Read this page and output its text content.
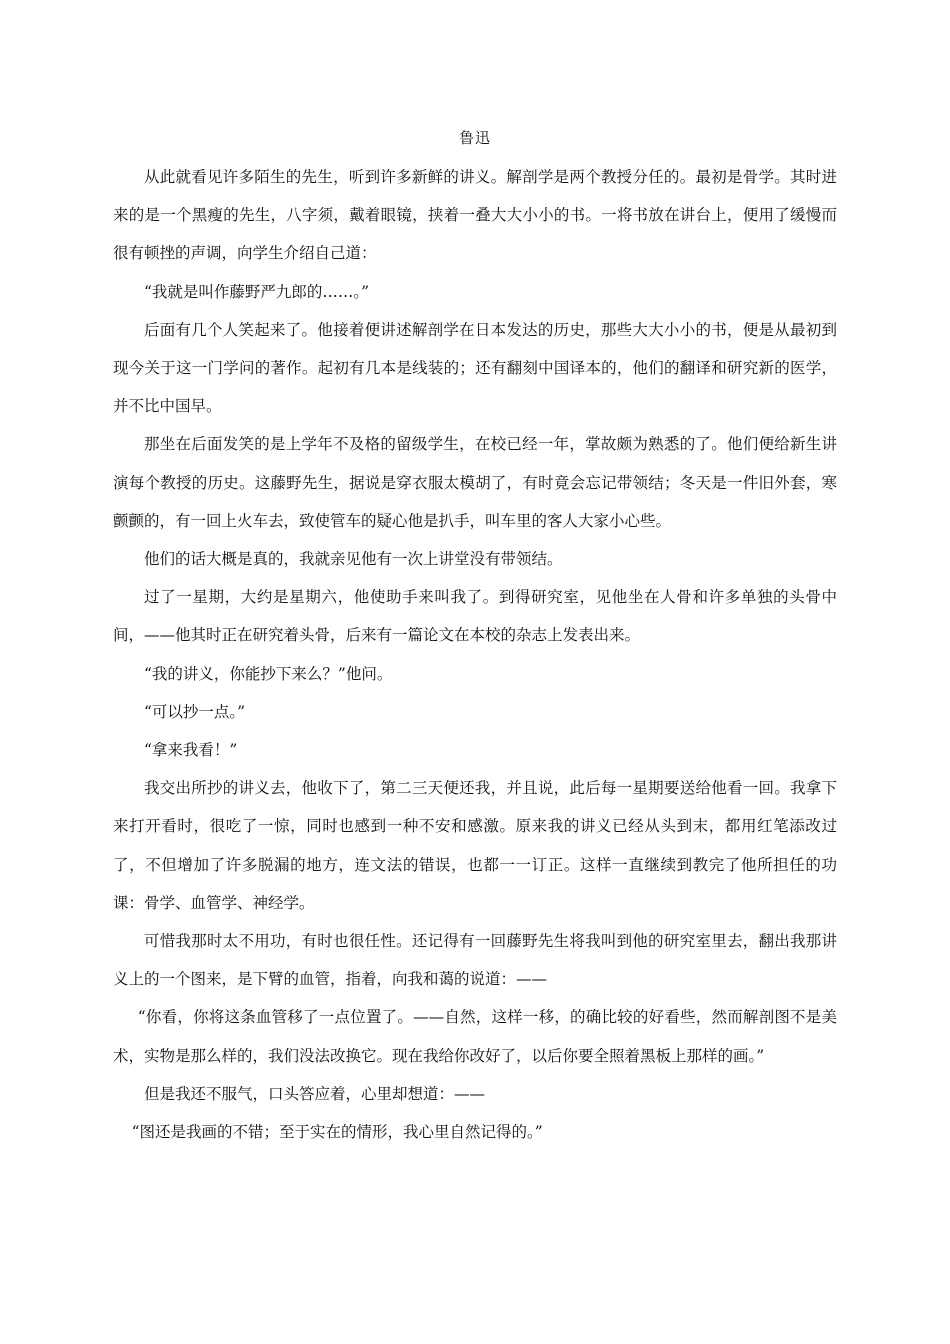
鲁迅

从此就看见许多陌生的先生，听到许多新鲜的讲义。解剖学是两个教授分任的。最初是骨学。其时进来的是一个黑瘦的先生，八字须，戴着眼镜，挟着一叠大大小小的书。一将书放在讲台上，便用了缓慢而很有顿挫的声调，向学生介绍自己道：

“我就是叫作藤野严九郎的……。”

后面有几个人笑起来了。他接着便讲述解剖学在日本发达的历史，那些大大小小的书，便是从最初到现今关于这一门学问的著作。起初有几本是线装的；还有翻刻中国译本的，他们的翻译和研究新的医学，并不比中国早。

那坐在后面发笑的是上学年不及格的留级学生，在校已经一年，掌故颇为熟悉的了。他们便给新生讲演每个教授的历史。这藤野先生，据说是穿衣服太模胡了，有时竟会忘记带领结；冬天是一件旧外套，寒颤颤的，有一回上火车去，致使管车的疑心他是扒手，叫车里的客人大家小心些。

他们的话大概是真的，我就亲见他有一次上讲堂没有带领结。

过了一星期，大约是星期六，他使助手来叫我了。到得研究室，见他坐在人骨和许多单独的头骨中间，——他其时正在研究着头骨，后来有一篇论文在本校的杂志上发表出来。

“我的讲义，你能抄下来么？”他问。

“可以抄一点。”

“拿来我看！”

我交出所抄的讲义去，他收下了，第二三天便还我，并且说，此后每一星期要送给他看一回。我拿下来打开看时，很吃了一惊，同时也感到一种不安和感激。原来我的讲义已经从头到末，都用红笔添改过了，不但增加了许多脱漏的地方，连文法的错误，也都一一订正。这样一直继续到教完了他所担任的功课：骨学、血管学、神经学。

可惜我那时太不用功，有时也很任性。还记得有一回藤野先生将我叫到他的研究室里去，翻出我那讲义上的一个图来，是下臂的血管，指着，向我和蔼的说道：——

“你看，你将这条血管移了一点位置了。——自然，这样一移，的确比较的好看些，然而解剖图不是美术，实物是那么样的，我们没法改换它。现在我给你改好了，以后你要全照着黑板上那样的画。”

但是我还不服气，口头答应着，心里却想道：——

“图还是我画的不错；至于实在的情形，我心里自然记得的。”
